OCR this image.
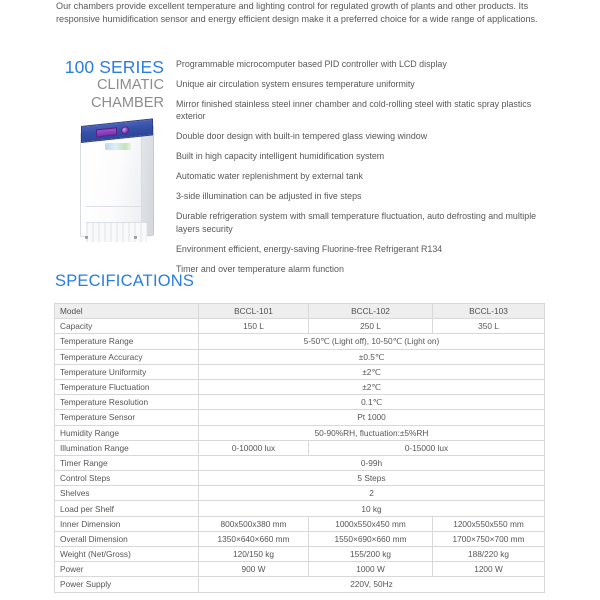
Our chambers provide excellent temperature and lighting control for regulated growth of plants and other products. Its responsive humidification sensor and energy efficient design make it a preferred choice for a wide range of applications.
100 SERIES
CLIMATIC
CHAMBER
Programmable microcomputer based PID controller with LCD display
Unique air circulation system ensures temperature uniformity
Mirror finished stainless steel inner chamber and cold-rolling steel with static spray plastics exterior
Double door design with built-in tempered glass viewing window
Built in high capacity intelligent humidification system
Automatic water replenishment by external tank
3-side illumination can be adjusted in five steps
Durable refrigeration system with small temperature fluctuation, auto defrosting and multiple layers security
Environment efficient, energy-saving Fluorine-free Refrigerant R134
Timer and over temperature alarm function
SPECIFICATIONS
Model	BCCL-101	BCCL-102	BCCL-103
Capacity	150 L	250 L	350 L
Temperature Range	5-50℃ (Light off), 10-50℃ (Light on)		
Temperature Accuracy	±0.5℃		
Temperature Uniformity	±2℃		
Temperature Fluctuation	±2℃		
Temperature Resolution	0.1℃		
Temperature Sensor	Pt 1000		
Humidity Range	50-90%RH, fluctuation:±5%RH		
Illumination Range	0-10000 lux	0-15000 lux	
Timer Range	0-99h		
Control Steps	5 Steps		
Shelves	2		
Load per Shelf	10 kg		
Inner Dimension	800x500x380 mm	1000x550x450 mm	1200x550x550 mm
Overall Dimension	1350×640×660 mm	1550×690×660 mm	1700×750×700 mm
Weight (Net/Gross)	120/150 kg	155/200 kg	188/220 kg
Power	900 W	1000 W	1200 W
Power Supply	220V, 50Hz		
